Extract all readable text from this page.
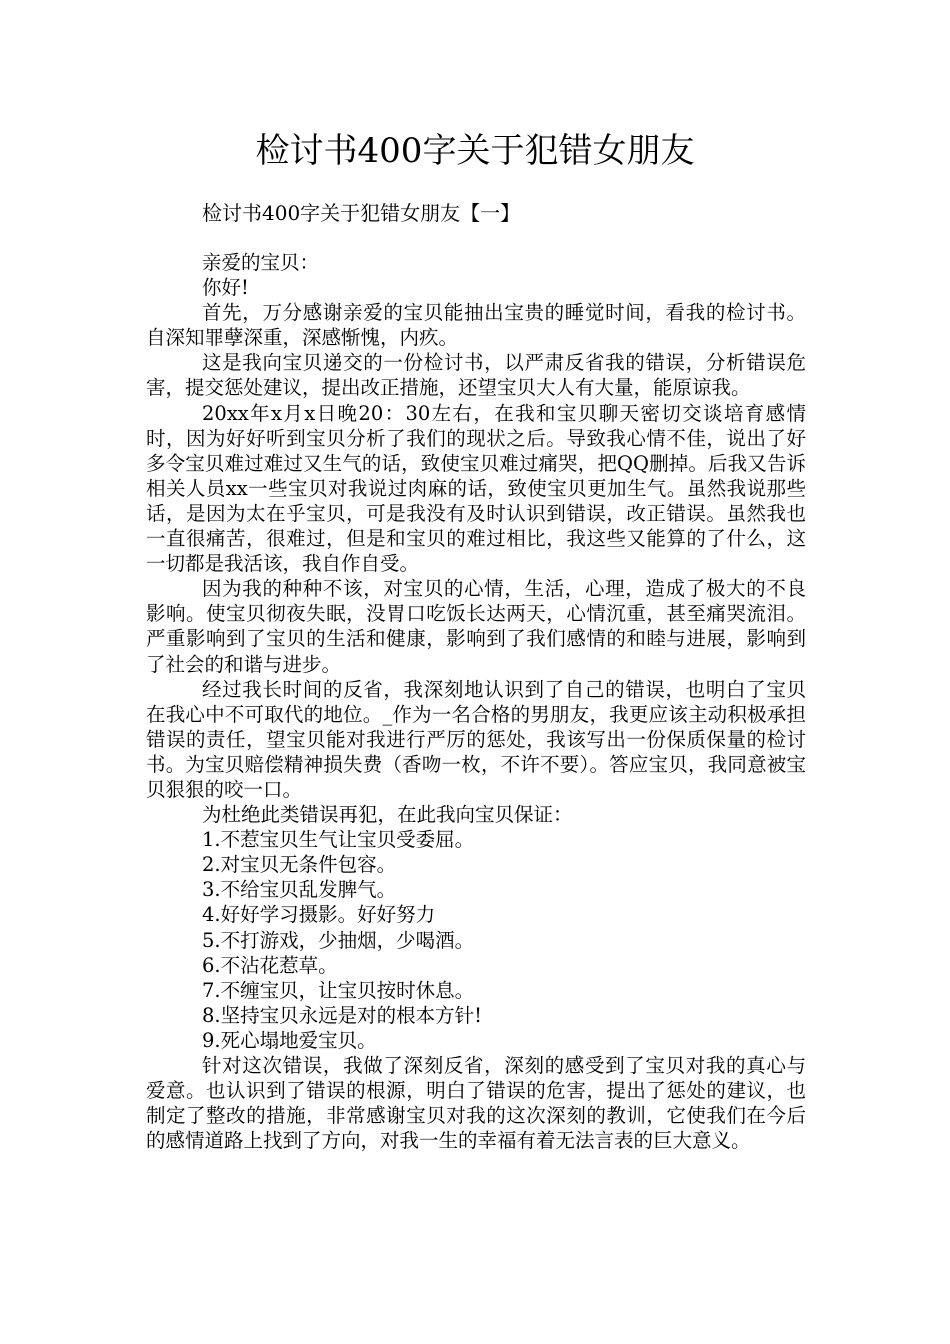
检讨书400字关于犯错女朋友

检讨书400字关于犯错女朋友【一】

亲爱的宝贝：

你好!

首先，万分感谢亲爱的宝贝能抽出宝贵的睡觉时间，看我的检讨书。自深知罪孽深重，深感惭愧，内疚。

这是我向宝贝递交的一份检讨书，以严肃反省我的错误，分析错误危害，提交惩处建议，提出改正措施，还望宝贝大人有大量，能原谅我。

20xx年x月x日晚20：30左右，在我和宝贝聊天密切交谈培育感情时，因为好好听到宝贝分析了我们的现状之后。导致我心情不佳，说出了好多令宝贝难过难过又生气的话，致使宝贝难过痛哭，把QQ删掉。后我又告诉相关人员xx一些宝贝对我说过肉麻的话，致使宝贝更加生气。虽然我说那些话，是因为太在乎宝贝，可是我没有及时认识到错误，改正错误。虽然我也一直很痛苦，很难过，但是和宝贝的难过相比，我这些又能算的了什么，这一切都是我活该，我自作自受。

因为我的种种不该，对宝贝的心情，生活，心理，造成了极大的不良影响。使宝贝彻夜失眠，没胃口吃饭长达两天，心情沉重，甚至痛哭流泪。严重影响到了宝贝的生活和健康，影响到了我们感情的和睦与进展，影响到了社会的和谐与进步。

经过我长时间的反省，我深刻地认识到了自己的错误，也明白了宝贝在我心中不可取代的地位。_作为一名合格的男朋友，我更应该主动积极承担错误的责任，望宝贝能对我进行严厉的惩处，我该写出一份保质保量的检讨书。为宝贝赔偿精神损失费（香吻一枚，不许不要）。答应宝贝，我同意被宝贝狠狠的咬一口。

为杜绝此类错误再犯，在此我向宝贝保证：

1.不惹宝贝生气让宝贝受委屈。

2.对宝贝无条件包容。

3.不给宝贝乱发脾气。

4.好好学习摄影。好好努力

5.不打游戏，少抽烟，少喝酒。

6.不沾花惹草。

7.不缠宝贝，让宝贝按时休息。

8.坚持宝贝永远是对的根本方针!

9.死心塌地爱宝贝。

针对这次错误，我做了深刻反省，深刻的感受到了宝贝对我的真心与爱意。也认识到了错误的根源，明白了错误的危害，提出了惩处的建议，也制定了整改的措施，非常感谢宝贝对我的这次深刻的教训，它使我们在今后的感情道路上找到了方向，对我一生的幸福有着无法言表的巨大意义。
